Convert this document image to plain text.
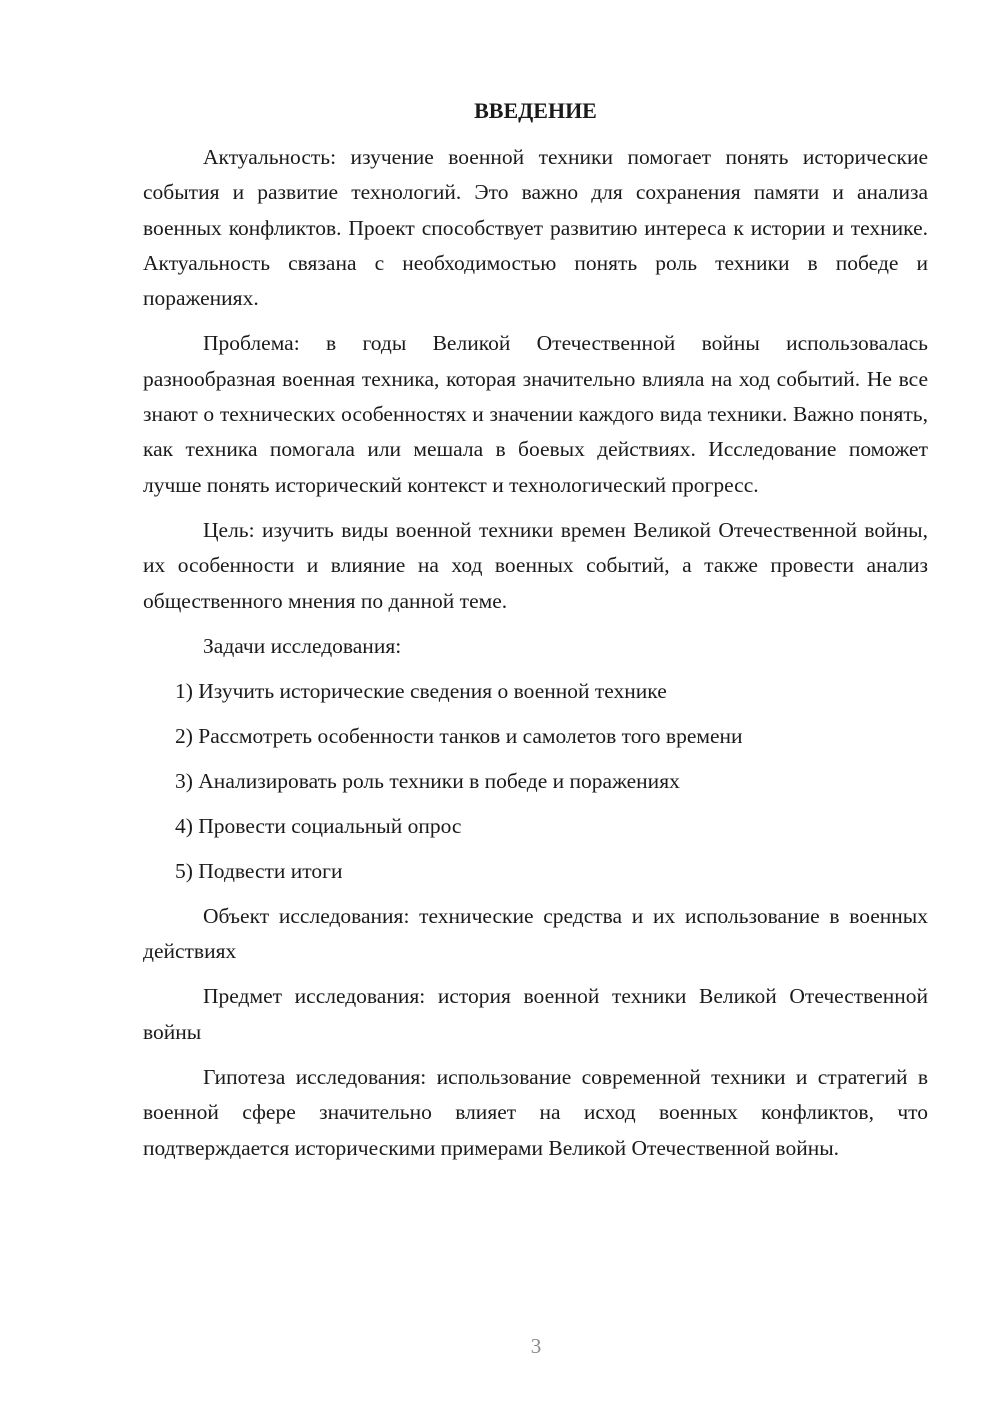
ВВЕДЕНИЕ

Актуальность: изучение военной техники помогает понять исторические события и развитие технологий. Это важно для сохранения памяти и анализа военных конфликтов. Проект способствует развитию интереса к истории и технике. Актуальность связана с необходимостью понять роль техники в победе и поражениях.

Проблема: в годы Великой Отечественной войны использовалась разнообразная военная техника, которая значительно влияла на ход событий. Не все знают о технических особенностях и значении каждого вида техники. Важно понять, как техника помогала или мешала в боевых действиях. Исследование поможет лучше понять исторический контекст и технологический прогресс.

Цель: изучить виды военной техники времен Великой Отечественной войны, их особенности и влияние на ход военных событий, а также провести анализ общественного мнения по данной теме.

Задачи исследования:
1) Изучить исторические сведения о военной технике
2) Рассмотреть особенности танков и самолетов того времени
3) Анализировать роль техники в победе и поражениях
4) Провести социальный опрос
5) Подвести итоги

Объект исследования: технические средства и их использование в военных действиях

Предмет исследования: история военной техники Великой Отечественной войны

Гипотеза исследования: использование современной техники и стратегий в военной сфере значительно влияет на исход военных конфликтов, что подтверждается историческими примерами Великой Отечественной войны.

3
